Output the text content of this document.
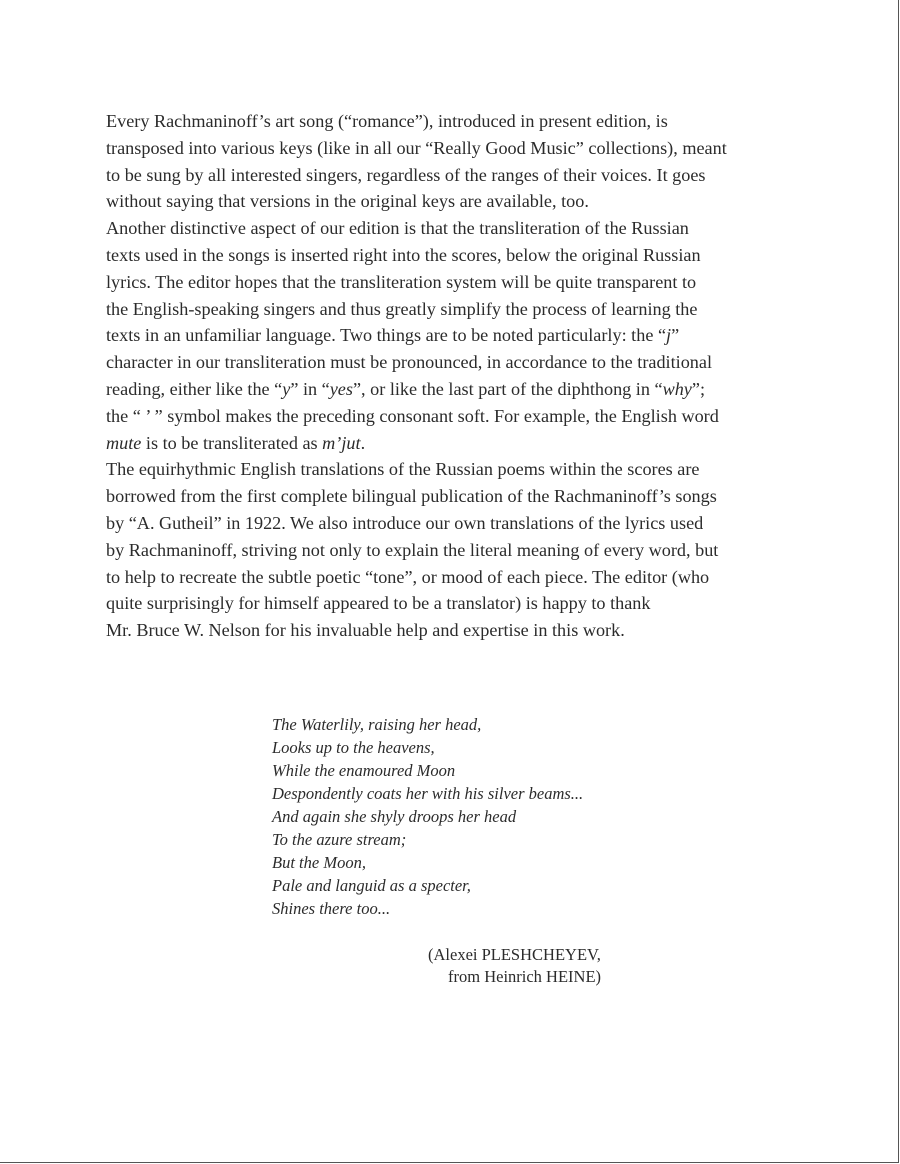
Every Rachmaninoff’s art song (“romance”), introduced in present edition, is
transposed into various keys (like in all our “Really Good Music” collections), meant
to be sung by all interested singers, regardless of the ranges of their voices. It goes
without saying that versions in the original keys are available, too.

Another distinctive aspect of our edition is that the transliteration of the Russian
texts used in the songs is inserted right into the scores, below the original Russian
lyrics. The editor hopes that the transliteration system will be quite transparent to
the English-speaking singers and thus greatly simplify the process of learning the
texts in an unfamiliar language. Two things are to be noted particularly: the “j”
character in our transliteration must be pronounced, in accordance to the traditional
reading, either like the “y” in “yes”, or like the last part of the diphthong in “why”;
the “ ’ ” symbol makes the preceding consonant soft. For example, the English word
mute is to be transliterated as m’jut.

The equirhythmic English translations of the Russian poems within the scores are
borrowed from the first complete bilingual publication of the Rachmaninoff’s songs
by “A. Gutheil” in 1922. We also introduce our own translations of the lyrics used
by Rachmaninoff, striving not only to explain the literal meaning of every word, but
to help to recreate the subtle poetic “tone”, or mood of each piece. The editor (who
quite surprisingly for himself appeared to be a translator) is happy to thank
Mr. Bruce W. Nelson for his invaluable help and expertise in this work.

The Waterlily, raising her head,
Looks up to the heavens,
While the enamoured Moon
Despondently coats her with his silver beams...
And again she shyly droops her head
To the azure stream;
But the Moon,
Pale and languid as a specter,
Shines there too...
(Alexei PLESHCHEYEV,
from Heinrich HEINE)
